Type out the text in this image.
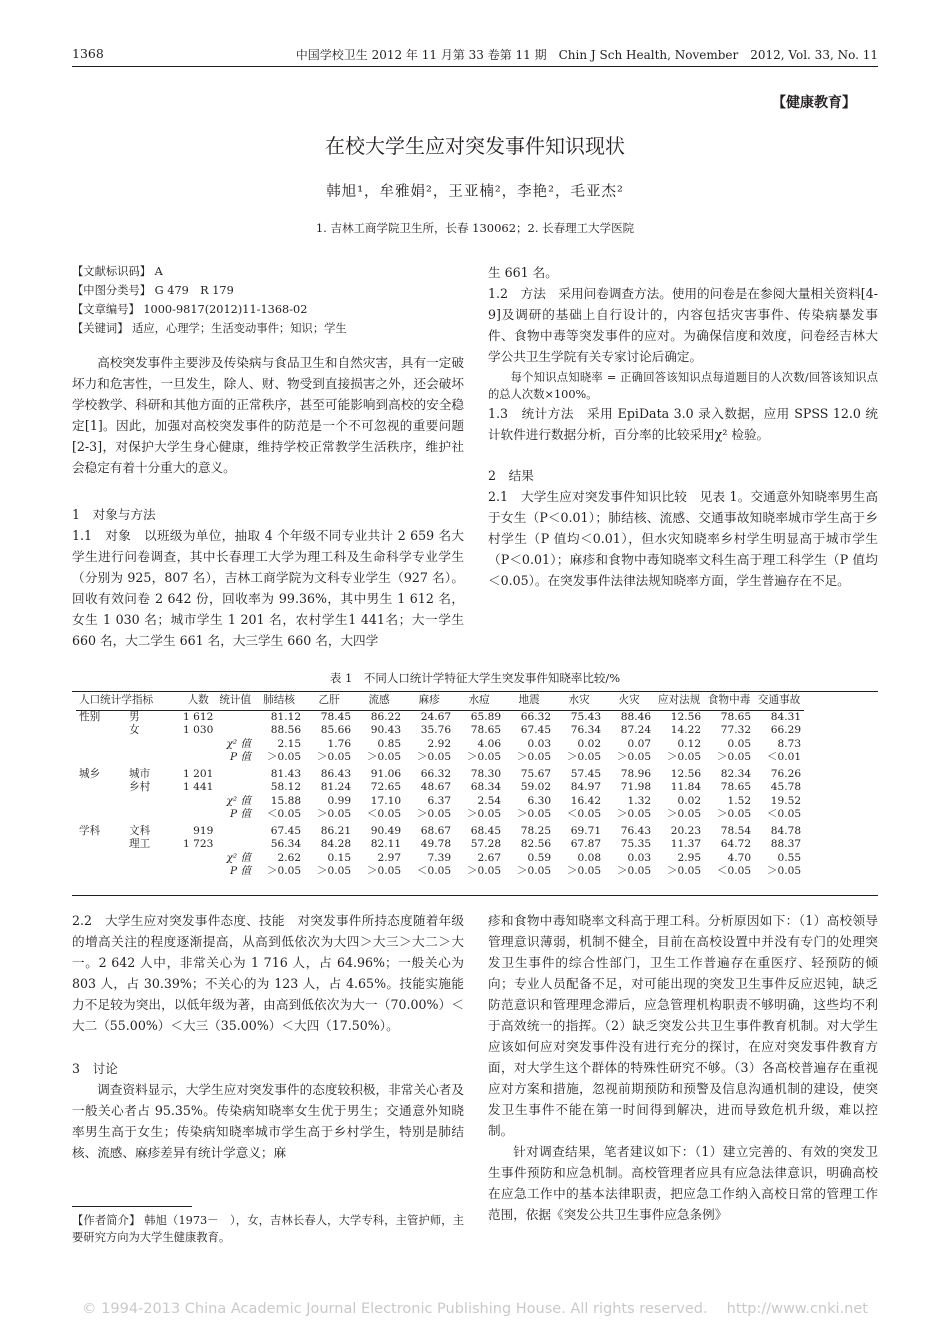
1368	中国学校卫生 2012 年 11 月第 33 卷第 11 期　Chin J Sch Health, November　2012, Vol. 33, No. 11
【健康教育】
在校大学生应对突发事件知识现状
韩旭¹，牟雅娟²，王亚楠²，李艳²，毛亚杰²
1. 吉林工商学院卫生所，长春 130062；2. 长春理工大学医院
【文献标识码】 A
【中图分类号】 G 479　R 179
【文章编号】 1000-9817(2012)11-1368-02
【关键词】 适应，心理学；生活变动事件；知识；学生

高校突发事件主要涉及传染病与食品卫生和自然灾害，具有一定破坏力和危害性，一旦发生，除人、财、物受到直接损害之外，还会破坏学校教学、科研和其他方面的正常秩序，甚至可能影响到高校的安全稳定[1]。因此，加强对高校突发事件的防范是一个不可忽视的重要问题[2-3]，对保护大学生身心健康，维持学校正常教学生活秩序，维护社会稳定有着十分重大的意义。

1　对象与方法

1.1　对象　以班级为单位，抽取 4 个年级不同专业共计 2 659 名大学生进行问卷调查，其中长春理工大学为理工科及生命科学专业学生（分别为 925，807 名），吉林工商学院为文科专业学生（927 名）。回收有效问卷 2 642 份，回收率为 99.36%，其中男生 1 612 名，女生 1 030 名；城市学生 1 201 名，农村学生1 441名；大一学生 660 名，大二学生 661 名，大三学生 660 名，大四学

生 661 名。

1.2　方法　采用问卷调查方法。使用的问卷是在参阅大量相关资料[4-9]及调研的基础上自行设计的，内容包括灾害事件、传染病暴发事件、食物中毒等突发事件的应对。为确保信度和效度，问卷经吉林大学公共卫生学院有关专家讨论后确定。

每个知识点知晓率 = 正确回答该知识点每道题目的人次数/回答该知识点的总人次数×100%。

1.3　统计方法　采用 EpiData 3.0 录入数据，应用 SPSS 12.0 统计软件进行数据分析，百分率的比较采用χ² 检验。

2　结果

2.1　大学生应对突发事件知识比较　见表 1。交通意外知晓率男生高于女生（P＜0.01）；肺结核、流感、交通事故知晓率城市学生高于乡村学生（P 值均＜0.01），但水灾知晓率乡村学生明显高于城市学生（P＜0.01）；麻疹和食物中毒知晓率文科生高于理工科学生（P 值均＜0.05）。在突发事件法律法规知晓率方面，学生普遍存在不足。

表 1　不同人口统计学特征大学生突发事件知晓率比较/%
人口统计学指标		人数	统计值	肺结核	乙肝	流感	麻疹	水痘	地震	水灾	火灾	应对法规	食物中毒	交通事故
性别	男	1 612		81.12	78.45	86.22	24.67	65.89	66.32	75.43	88.46	12.56	78.65	84.31
	女	1 030		88.56	85.66	90.43	35.76	78.65	67.45	76.34	87.24	14.22	77.32	66.29
			χ² 值	2.15	1.76	0.85	2.92	4.06	0.03	0.02	0.07	0.12	0.05	8.73
			P 值	＞0.05	＞0.05	＞0.05	＞0.05	＞0.05	＞0.05	＞0.05	＞0.05	＞0.05	＞0.05	＜0.01
城乡	城市	1 201		81.43	86.43	91.06	66.32	78.30	75.67	57.45	78.96	12.56	82.34	76.26
	乡村	1 441		58.12	81.24	72.65	48.67	68.34	59.02	84.97	71.98	11.84	78.65	45.78
			χ² 值	15.88	0.99	17.10	6.37	2.54	6.30	16.42	1.32	0.02	1.52	19.52
			P 值	＜0.05	＞0.05	＜0.05	＞0.05	＞0.05	＞0.05	＜0.05	＞0.05	＞0.05	＞0.05	＜0.05
学科	文科	919		67.45	86.21	90.49	68.67	68.45	78.25	69.71	76.43	20.23	78.54	84.78
	理工	1 723		56.34	84.28	82.11	49.78	57.28	82.56	67.87	75.35	11.37	64.72	88.37
			χ² 值	2.62	0.15	2.97	7.39	2.67	0.59	0.08	0.03	2.95	4.70	0.55
			P 值	＞0.05	＞0.05	＞0.05	＜0.05	＞0.05	＞0.05	＞0.05	＞0.05	＞0.05	＜0.05	＞0.05

2.2　大学生应对突发事件态度、技能　对突发事件所持态度随着年级的增高关注的程度逐渐提高，从高到低依次为大四＞大三＞大二＞大一。2 642 人中，非常关心为 1 716 人，占 64.96%；一般关心为 803 人，占 30.39%；不关心的为 123 人，占 4.65%。技能实施能力不足较为突出，以低年级为著，由高到低依次为大一（70.00%）＜大二（55.00%）＜大三（35.00%）＜大四（17.50%）。

3　讨论

调查资料显示，大学生应对突发事件的态度较积极，非常关心者及一般关心者占 95.35%。传染病知晓率女生优于男生；交通意外知晓率男生高于女生；传染病知晓率城市学生高于乡村学生，特别是肺结核、流感、麻疹差异有统计学意义；麻

【作者简介】 韩旭（1973－　），女，吉林长春人，大学专科，主管护师，主要研究方向为大学生健康教育。

疹和食物中毒知晓率文科高于理工科。分析原因如下：（1）高校领导管理意识薄弱，机制不健全，目前在高校设置中并没有专门的处理突发卫生事件的综合性部门，卫生工作普遍存在重医疗、轻预防的倾向；专业人员配备不足，对可能出现的突发卫生事件反应迟钝，缺乏防范意识和管理理念滞后，应急管理机构职责不够明确，这些均不利于高效统一的指挥。（2）缺乏突发公共卫生事件教育机制。对大学生应该如何应对突发事件没有进行充分的探讨，在应对突发事件教育方面，对大学生这个群体的特殊性研究不够。（3）各高校普遍存在重视应对方案和措施，忽视前期预防和预警及信息沟通机制的建设，使突发卫生事件不能在第一时间得到解决，进而导致危机升级，难以控制。

针对调查结果，笔者建议如下：（1）建立完善的、有效的突发卫生事件预防和应急机制。高校管理者应具有应急法律意识，明确高校在应急工作中的基本法律职责，把应急工作纳入高校日常的管理工作范围，依据《突发公共卫生事件应急条例》

© 1994-2013 China Academic Journal Electronic Publishing House. All rights reserved.　 http://www.cnki.net
